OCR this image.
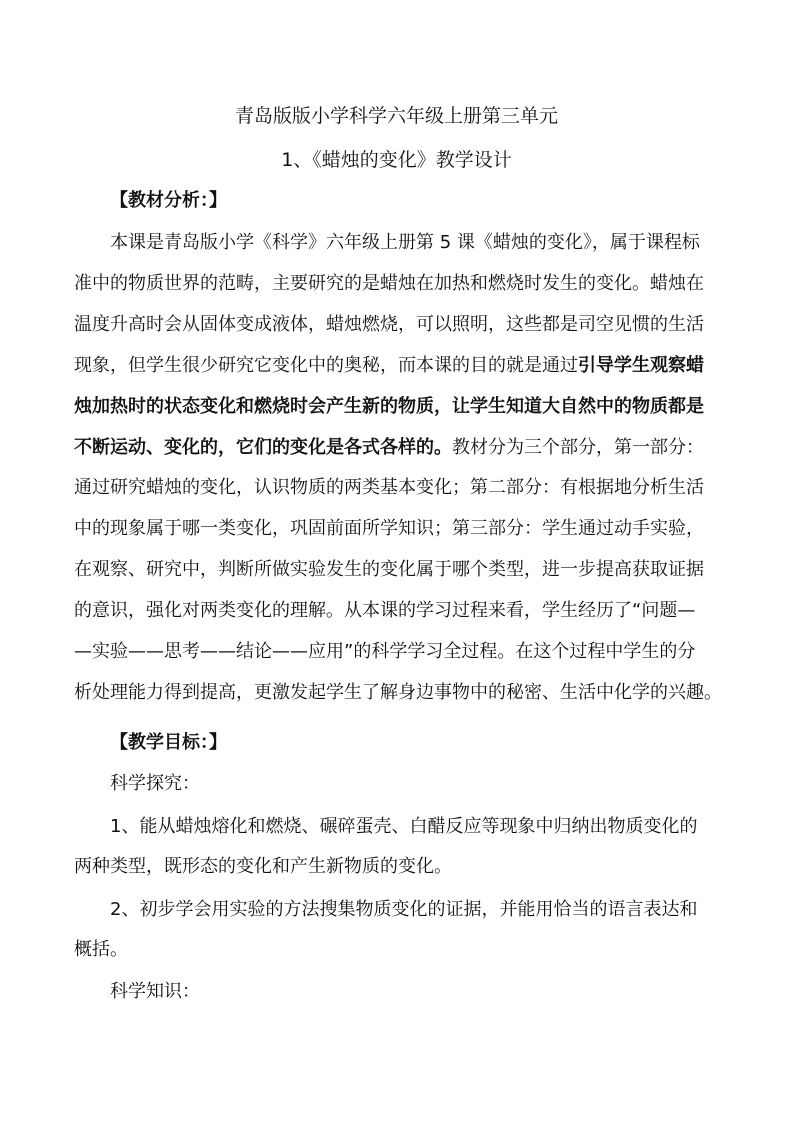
青岛版版小学科学六年级上册第三单元
1、《蜡烛的变化》教学设计
【教材分析：】
本课是青岛版小学《科学》六年级上册第 5 课《蜡烛的变化》，属于课程标
准中的物质世界的范畴，主要研究的是蜡烛在加热和燃烧时发生的变化。蜡烛在
温度升高时会从固体变成液体，蜡烛燃烧，可以照明，这些都是司空见惯的生活
现象，但学生很少研究它变化中的奥秘，而本课的目的就是通过引导学生观察蜡
烛加热时的状态变化和燃烧时会产生新的物质，让学生知道大自然中的物质都是
不断运动、变化的，它们的变化是各式各样的。教材分为三个部分，第一部分：
通过研究蜡烛的变化，认识物质的两类基本变化；第二部分：有根据地分析生活
中的现象属于哪一类变化，巩固前面所学知识；第三部分：学生通过动手实验，
在观察、研究中，判断所做实验发生的变化属于哪个类型，进一步提高获取证据
的意识，强化对两类变化的理解。从本课的学习过程来看，学生经历了“问题—
—实验——思考——结论——应用”的科学学习全过程。在这个过程中学生的分
析处理能力得到提高，更激发起学生了解身边事物中的秘密、生活中化学的兴趣。
【教学目标：】
科学探究：
1、能从蜡烛熔化和燃烧、碾碎蛋壳、白醋反应等现象中归纳出物质变化的
两种类型，既形态的变化和产生新物质的变化。
2、初步学会用实验的方法搜集物质变化的证据，并能用恰当的语言表达和
概括。
科学知识：
